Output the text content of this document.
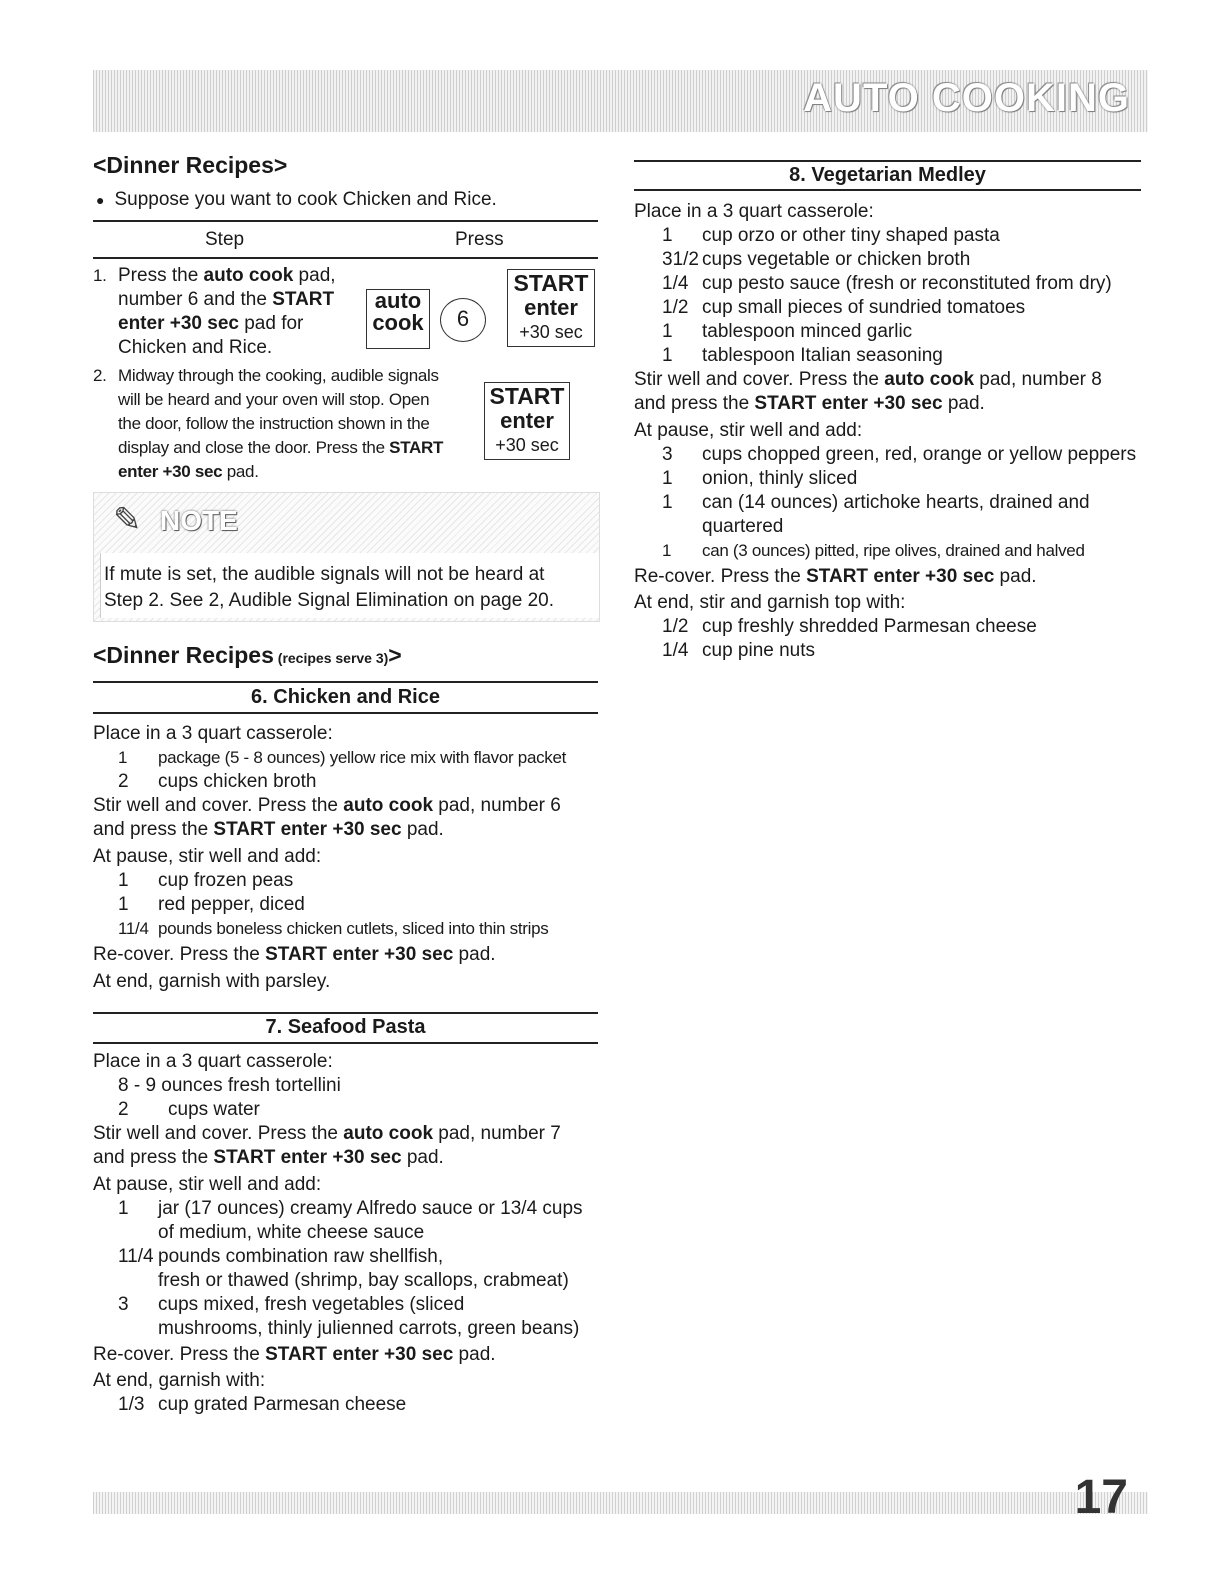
AUTO COOKING
<Dinner Recipes>
● Suppose you want to cook Chicken and Rice.
Step	Press
1. Press the auto cook pad,
number 6 and the START
enter +30 sec pad for
Chicken and Rice.
auto
cook	6
START
enter
+30 sec
2. Midway through the cooking, audible signals
will be heard and your oven will stop. Open
the door, follow the instruction shown in the
display and close the door. Press the START
enter +30 sec pad.
START
enter
+30 sec
✎ NOTE
If mute is set, the audible signals will not be heard at
Step 2. See 2, Audible Signal Elimination on page 20.
<Dinner Recipes (recipes serve 3)>
6. Chicken and Rice
Place in a 3 quart casserole:
1 package (5 - 8 ounces) yellow rice mix with flavor packet
2 cups chicken broth
Stir well and cover. Press the auto cook pad, number 6
and press the START enter +30 sec pad.
At pause, stir well and add:
1 cup frozen peas
1 red pepper, diced
11/4 pounds boneless chicken cutlets, sliced into thin strips
Re-cover. Press the START enter +30 sec pad.
At end, garnish with parsley.
7. Seafood Pasta
Place in a 3 quart casserole:
8 - 9 ounces fresh tortellini
2 cups water
Stir well and cover. Press the auto cook pad, number 7
and press the START enter +30 sec pad.
At pause, stir well and add:
1 jar (17 ounces) creamy Alfredo sauce or 13/4 cups
of medium, white cheese sauce
11/4 pounds combination raw shellfish,
fresh or thawed (shrimp, bay scallops, crabmeat)
3 cups mixed, fresh vegetables (sliced
mushrooms, thinly julienned carrots, green beans)
Re-cover. Press the START enter +30 sec pad.
At end, garnish with:
1/3 cup grated Parmesan cheese
8. Vegetarian Medley
Place in a 3 quart casserole:
1 cup orzo or other tiny shaped pasta
31/2 cups vegetable or chicken broth
1/4 cup pesto sauce (fresh or reconstituted from dry)
1/2 cup small pieces of sundried tomatoes
1 tablespoon minced garlic
1 tablespoon Italian seasoning
Stir well and cover. Press the auto cook pad, number 8
and press the START enter +30 sec pad.
At pause, stir well and add:
3 cups chopped green, red, orange or yellow peppers
1 onion, thinly sliced
1 can (14 ounces) artichoke hearts, drained and
quartered
1 can (3 ounces) pitted, ripe olives, drained and halved
Re-cover. Press the START enter +30 sec pad.
At end, stir and garnish top with:
1/2 cup freshly shredded Parmesan cheese
1/4 cup pine nuts
17
